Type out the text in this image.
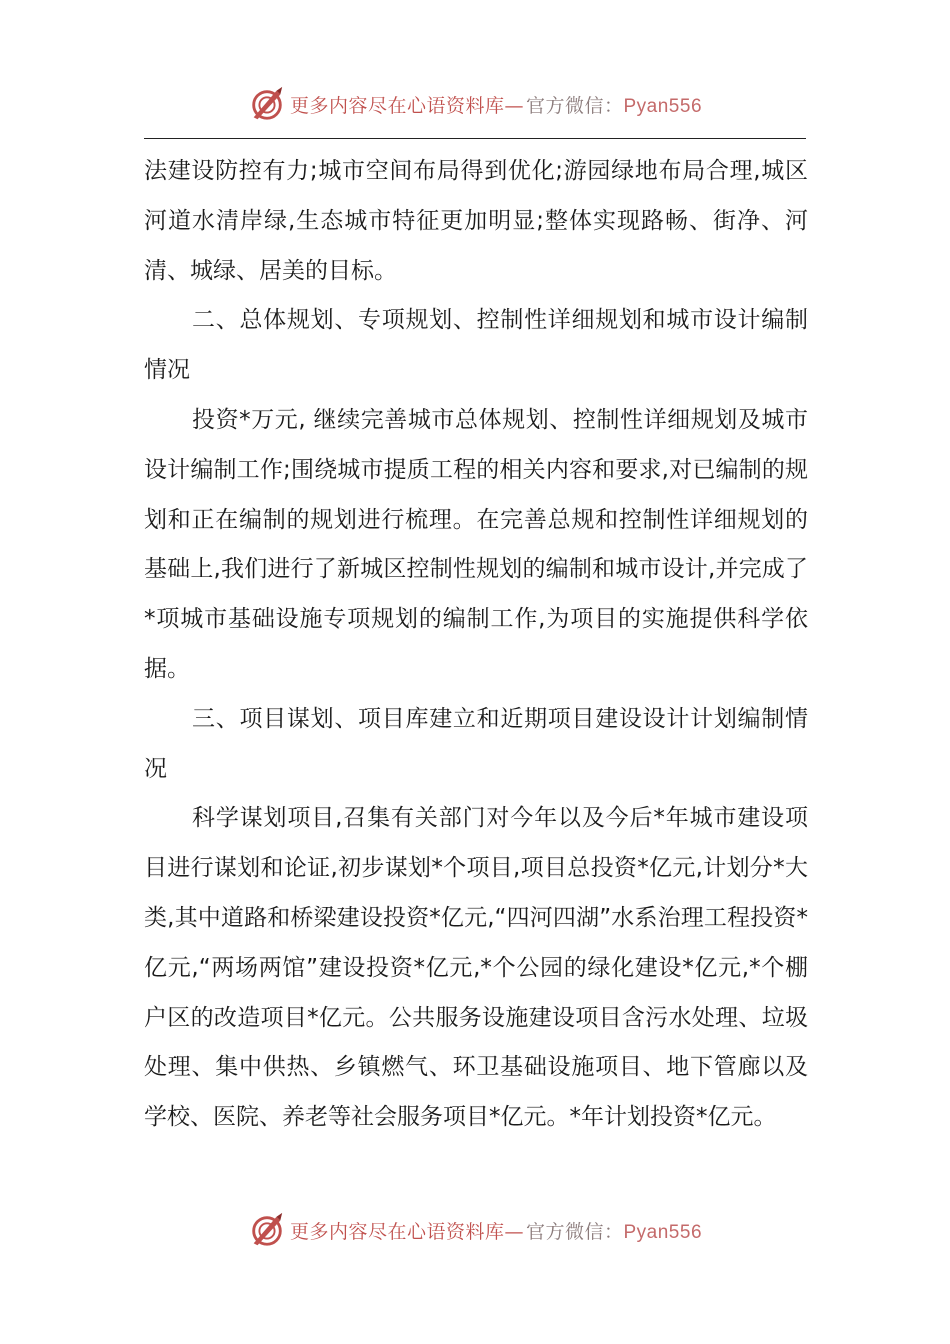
更多内容尽在心语资料库— 官方微信：Pyan556

法建设防控有力;城市空间布局得到优化;游园绿地布局合理,城区河道水清岸绿,生态城市特征更加明显;整体实现路畅、街净、河清、城绿、居美的目标。

二、总体规划、专项规划、控制性详细规划和城市设计编制情况

投资*万元, 继续完善城市总体规划、控制性详细规划及城市设计编制工作;围绕城市提质工程的相关内容和要求,对已编制的规划和正在编制的规划进行梳理。在完善总规和控制性详细规划的基础上,我们进行了新城区控制性规划的编制和城市设计,并完成了*项城市基础设施专项规划的编制工作,为项目的实施提供科学依据。

三、项目谋划、项目库建立和近期项目建设设计计划编制情况

科学谋划项目,召集有关部门对今年以及今后*年城市建设项目进行谋划和论证,初步谋划*个项目,项目总投资*亿元,计划分*大类,其中道路和桥梁建设投资*亿元,“四河四湖”水系治理工程投资*亿元,“两场两馆”建设投资*亿元,*个公园的绿化建设*亿元,*个棚户区的改造项目*亿元。公共服务设施建设项目含污水处理、垃圾处理、集中供热、乡镇燃气、环卫基础设施项目、地下管廊以及学校、医院、养老等社会服务项目*亿元。*年计划投资*亿元。

更多内容尽在心语资料库— 官方微信：Pyan556
